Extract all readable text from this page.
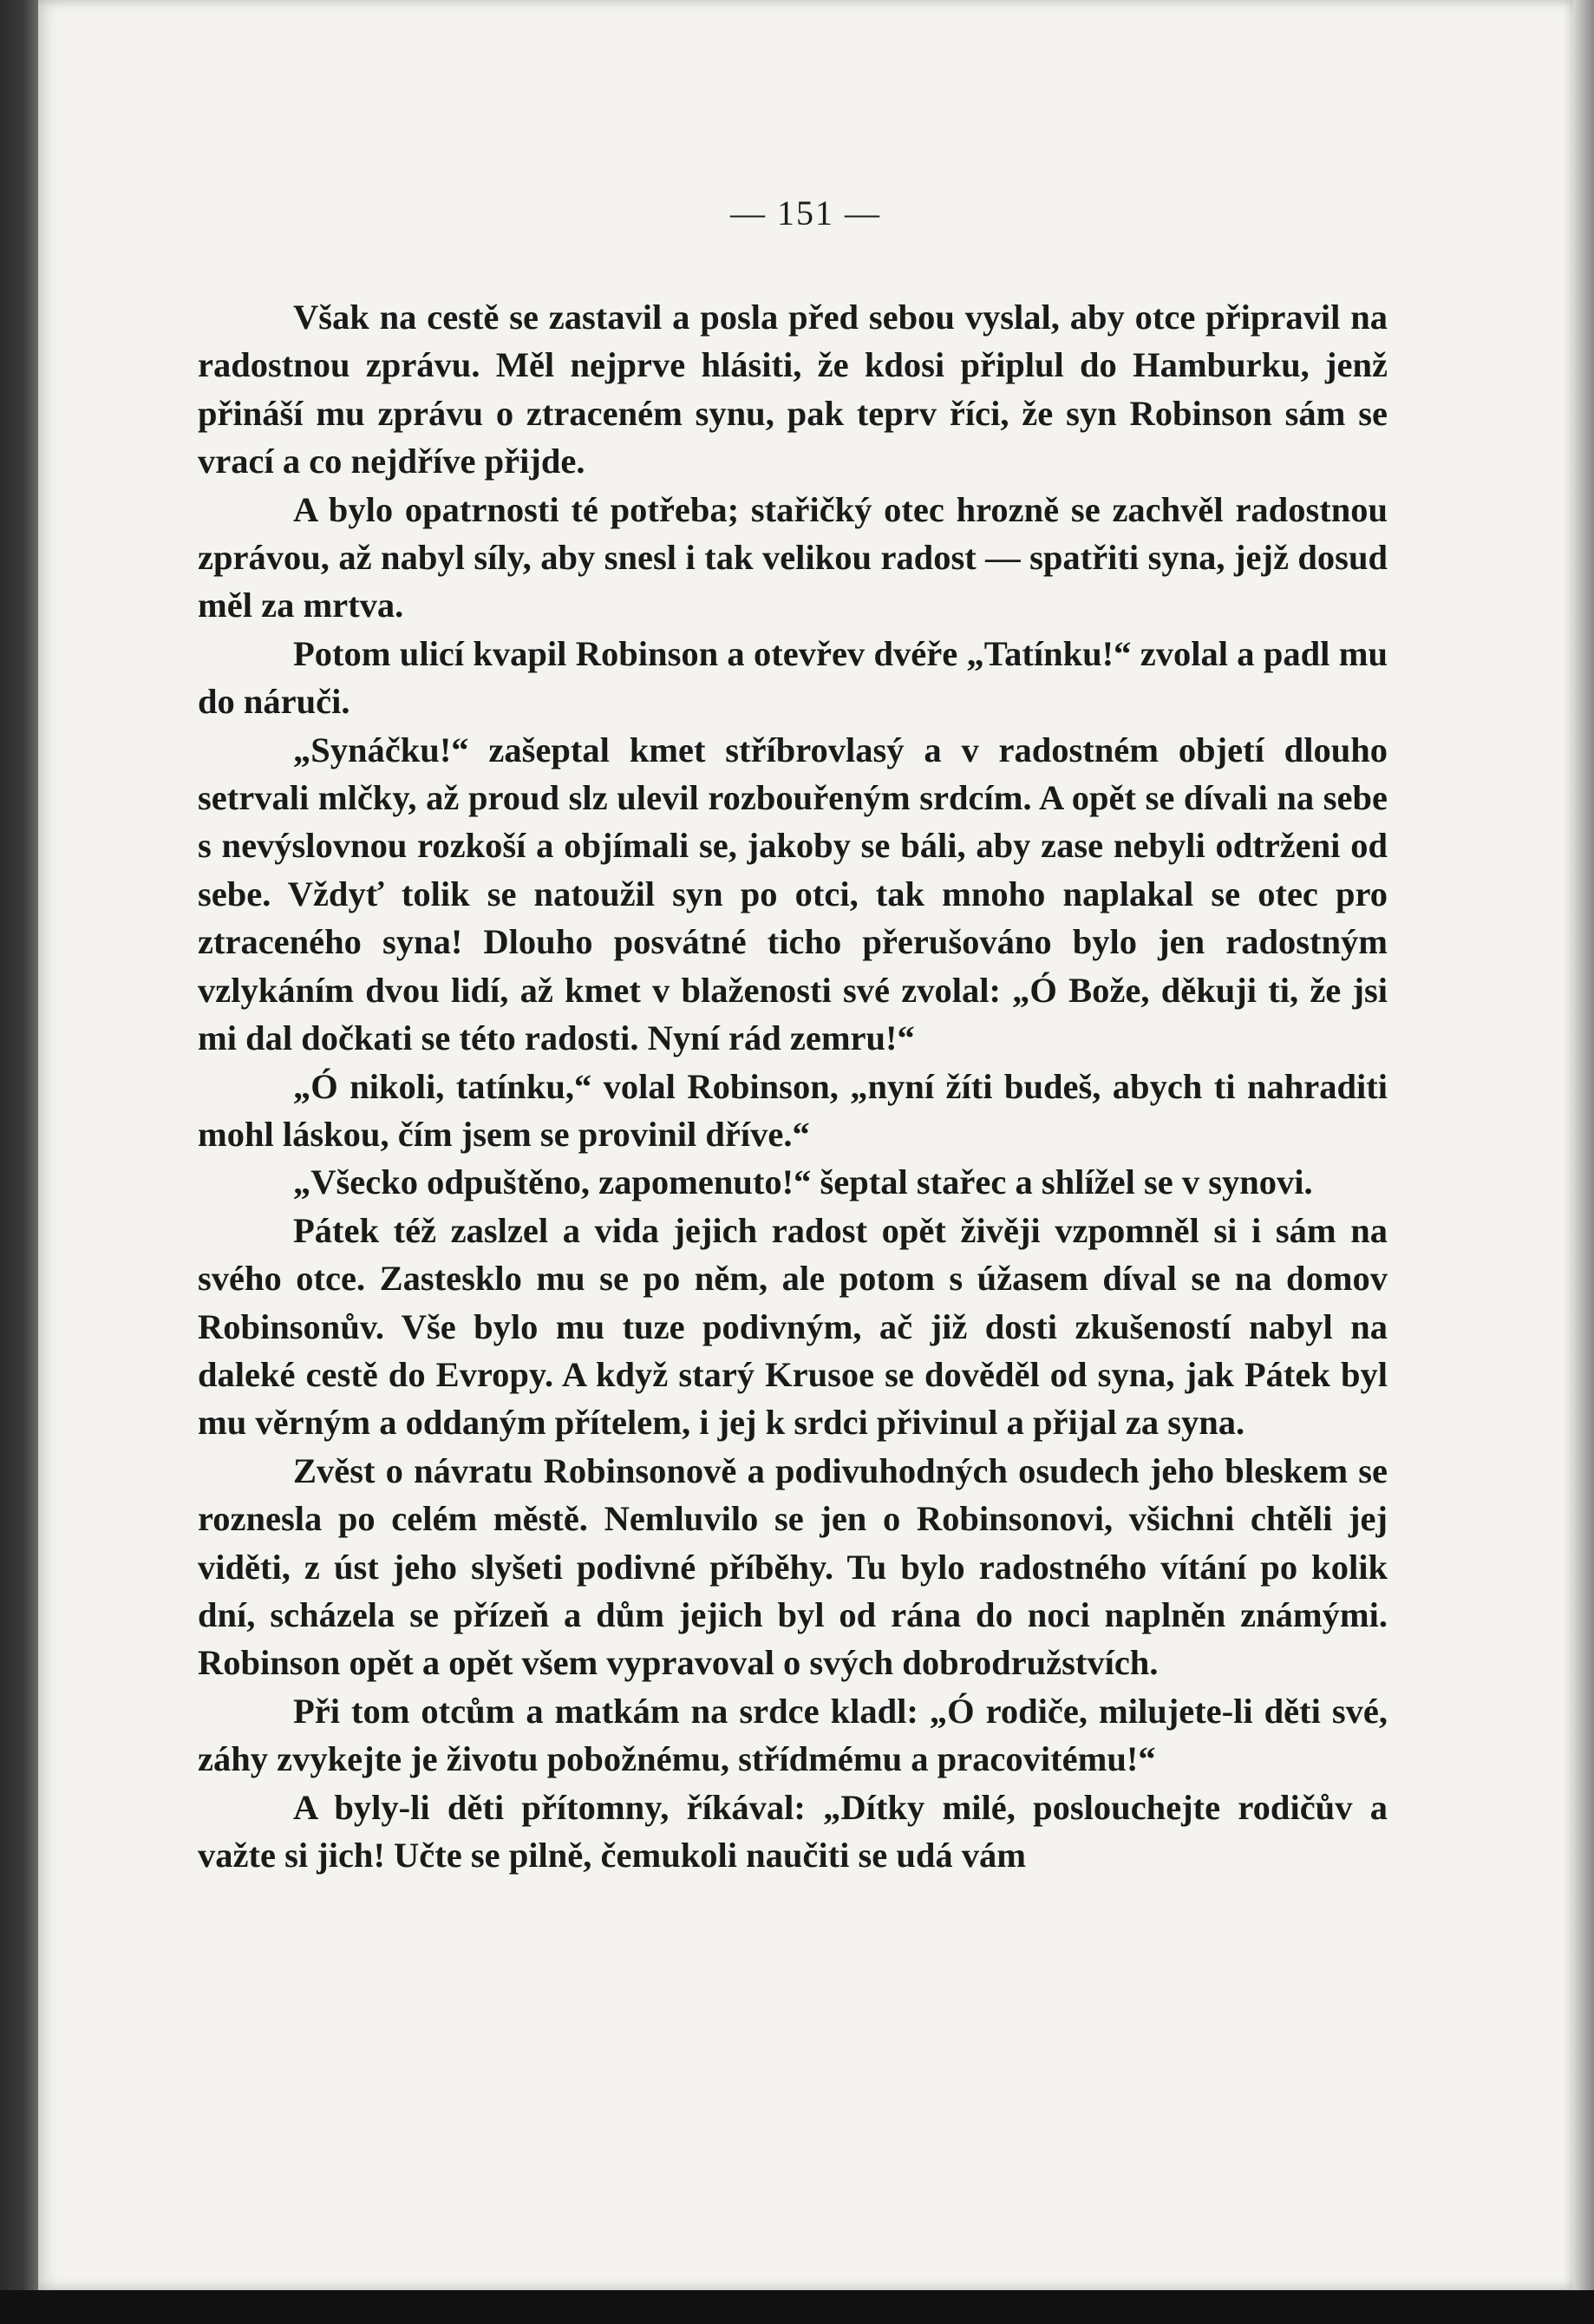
— 151 —

Však na cestě se zastavil a posla před sebou vyslal, aby otce připravil na radostnou zprávu. Měl nejprve hlásiti, že kdosi připlul do Hamburku, jenž přináší mu zprávu o ztraceném synu, pak teprv říci, že syn Robinson sám se vrací a co nejdříve přijde.

A bylo opatrnosti té potřeba; stařičký otec hrozně se zachvěl radostnou zprávou, až nabyl síly, aby snesl i tak velikou radost — spatřiti syna, jejž dosud měl za mrtva.

Potom ulicí kvapil Robinson a otevřev dvéře „Tatínku!“ zvolal a padl mu do náruči.

„Synáčku!“ zašeptal kmet stříbrovlasý a v radostném objetí dlouho setrvali mlčky, až proud slz ulevil rozbouřeným srdcím. A opět se dívali na sebe s nevýslovnou rozkoší a objímali se, jakoby se báli, aby zase nebyli odtrženi od sebe. Vždyť tolik se natoužil syn po otci, tak mnoho naplakal se otec pro ztraceného syna! Dlouho posvátné ticho přerušováno bylo jen radostným vzlykáním dvou lidí, až kmet v blaženosti své zvolal: „Ó Bože, děkuji ti, že jsi mi dal dočkati se této radosti. Nyní rád zemru!“

„Ó nikoli, tatínku,“ volal Robinson, „nyní žíti budeš, abych ti nahraditi mohl láskou, čím jsem se provinil dříve.“

„Všecko odpuštěno, zapomenuto!“ šeptal stařec a shlížel se v synovi.

Pátek též zaslzel a vida jejich radost opět živěji vzpomněl si i sám na svého otce. Zastesklo mu se po něm, ale potom s úžasem díval se na domov Robinsonův. Vše bylo mu tuze podivným, ač již dosti zkušeností nabyl na daleké cestě do Evropy. A když starý Krusoe se dověděl od syna, jak Pátek byl mu věrným a oddaným přítelem, i jej k srdci přivinul a přijal za syna.

Zvěst o návratu Robinsonově a podivuhodných osudech jeho bleskem se roznesla po celém městě. Nemluvilo se jen o Robinsonovi, všichni chtěli jej viděti, z úst jeho slyšeti podivné příběhy. Tu bylo radostného vítání po kolik dní, scházela se přízeň a dům jejich byl od rána do noci naplněn známými. Robinson opět a opět všem vypravoval o svých dobrodružstvích.

Při tom otcům a matkám na srdce kladl: „Ó rodiče, milujete-li děti své, záhy zvykejte je životu pobožnému, střídmému a pracovitému!“

A byly-li děti přítomny, říkával: „Dítky milé, poslouchejte rodičův a važte si jich! Učte se pilně, čemukoli naučiti se udá vám
